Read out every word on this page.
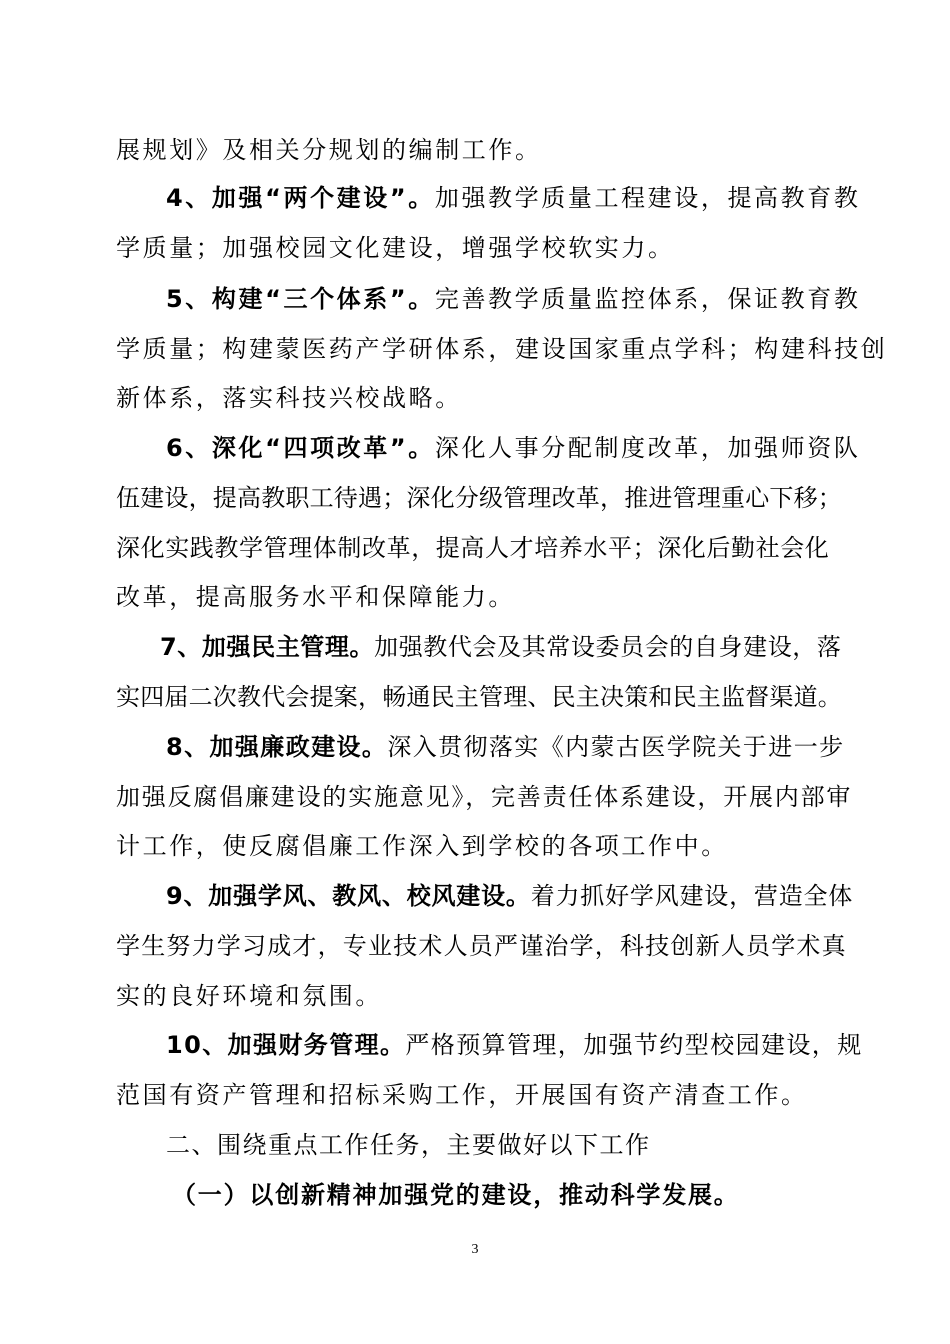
展规划》及相关分规划的编制工作。
4、加强“两个建设”。加强教学质量工程建设，提高教育教
学质量；加强校园文化建设，增强学校软实力。
5、构建“三个体系”。完善教学质量监控体系，保证教育教
学质量；构建蒙医药产学研体系，建设国家重点学科；构建科技创
新体系，落实科技兴校战略。
6、深化“四项改革”。深化人事分配制度改革，加强师资队
伍建设，提高教职工待遇；深化分级管理改革，推进管理重心下移；
深化实践教学管理体制改革，提高人才培养水平；深化后勤社会化
改革，提高服务水平和保障能力。
7、加强民主管理。加强教代会及其常设委员会的自身建设，落
实四届二次教代会提案，畅通民主管理、民主决策和民主监督渠道。
8、加强廉政建设。深入贯彻落实《内蒙古医学院关于进一步
加强反腐倡廉建设的实施意见》，完善责任体系建设，开展内部审
计工作，使反腐倡廉工作深入到学校的各项工作中。
9、加强学风、教风、校风建设。着力抓好学风建设，营造全体
学生努力学习成才，专业技术人员严谨治学，科技创新人员学术真
实的良好环境和氛围。
10、加强财务管理。严格预算管理，加强节约型校园建设，规
范国有资产管理和招标采购工作，开展国有资产清查工作。
二、围绕重点工作任务，主要做好以下工作
（一）以创新精神加强党的建设，推动科学发展。
3
